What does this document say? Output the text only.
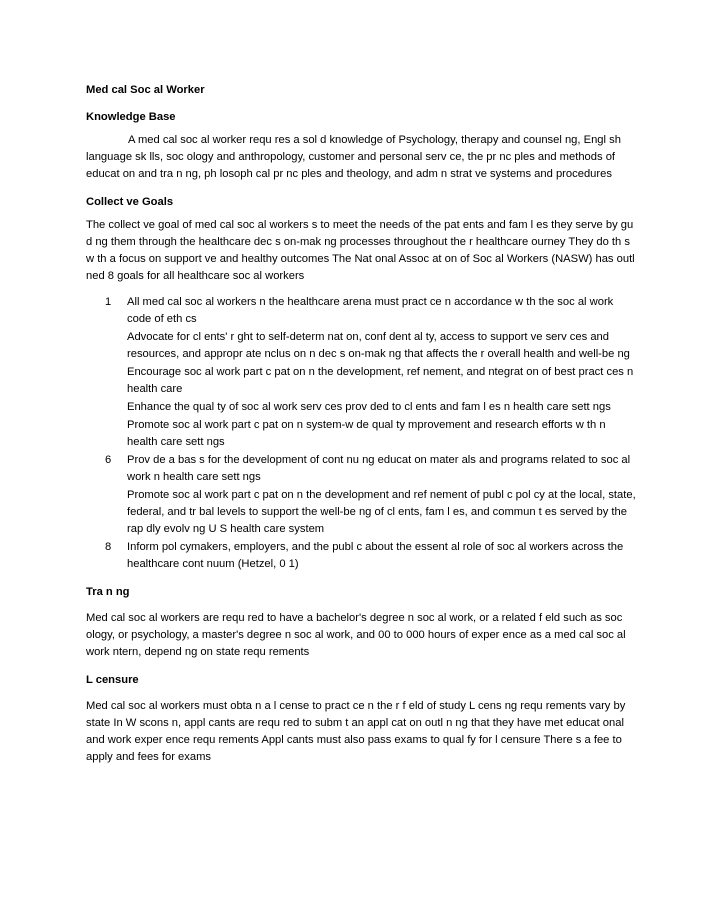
Med cal Soc al Worker
Knowledge Base

A med cal soc al worker requ res a sol d knowledge of Psychology, therapy and counsel ng, Engl sh language sk lls, soc ology and anthropology, customer and personal serv ce, the pr nc ples and methods of educat on and tra n ng, ph losoph cal pr nc ples and theology, and adm n strat ve systems and procedures

Collect ve Goals

The collect ve goal of med cal soc al workers s to meet the needs of the pat ents and fam l es they serve by gu d ng them through the healthcare dec s on-mak ng processes throughout the r healthcare ourney They do th s w th a focus on support ve and healthy outcomes The Nat onal Assoc at on of Soc al Workers (NASW) has outl ned 8 goals for all healthcare soc al workers

1 All med cal soc al workers n the healthcare arena must pract ce n accordance w th the soc al work code of eth cs
Advocate for cl ents' r ght to self-determ nat on, conf dent al ty, access to support ve serv ces and resources, and appropr ate nclus on n dec s on-mak ng that affects the r overall health and well-be ng
Encourage soc al work part c pat on n the development, ref nement, and ntegrat on of best pract ces n health care
Enhance the qual ty of soc al work serv ces prov ded to cl ents and fam l es n health care sett ngs
Promote soc al work part c pat on n system-w de qual ty mprovement and research efforts w th n health care sett ngs
6 Prov de a bas s for the development of cont nu ng educat on mater als and programs related to soc al work n health care sett ngs
Promote soc al work part c pat on n the development and ref nement of publ c pol cy at the local, state, federal, and tr bal levels to support the well-be ng of cl ents, fam l es, and commun t es served by the rap dly evolv ng U S health care system
8 Inform pol cymakers, employers, and the publ c about the essent al role of soc al workers across the healthcare cont nuum (Hetzel, 0 1)
Tra n ng

Med cal soc al workers are requ red to have a bachelor's degree n soc al work, or a related f eld such as soc ology, or psychology, a master's degree n soc al work, and 00 to 000 hours of exper ence as a med cal soc al work ntern, depend ng on state requ rements

L censure

Med cal soc al workers must obta n a l cense to pract ce n the r f eld of study L cens ng requ rements vary by state In W scons n, appl cants are requ red to subm t an appl cat on outl n ng that they have met educat onal and work exper ence requ rements Appl cants must also pass exams to qual fy for l censure There s a fee to apply and fees for exams
